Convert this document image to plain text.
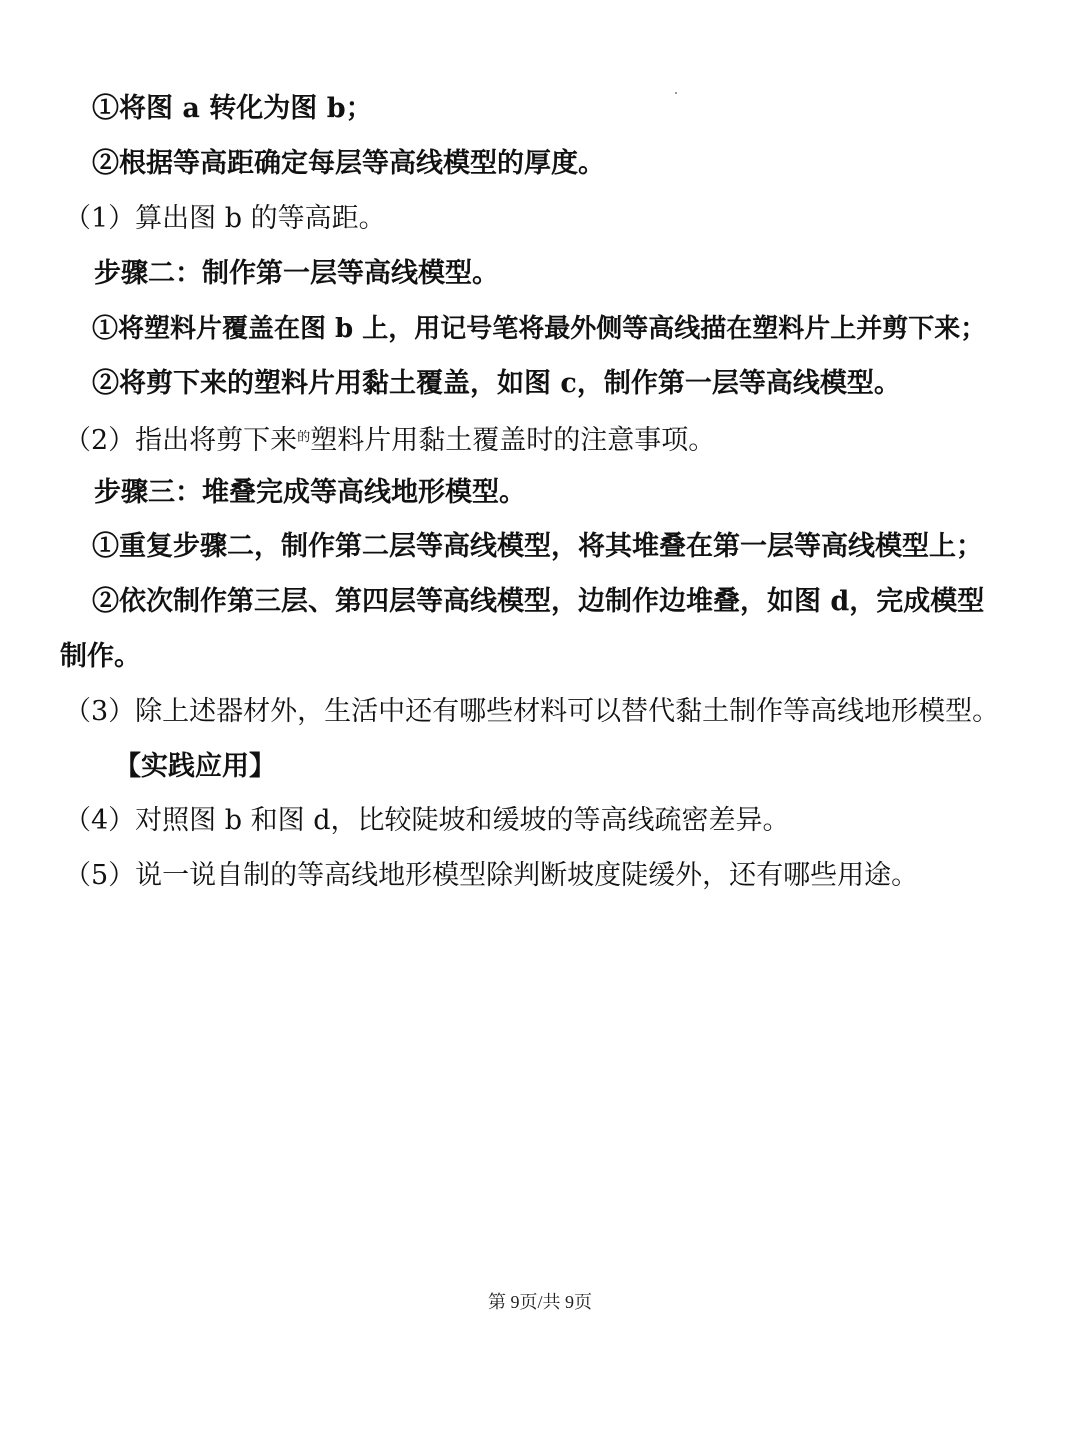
①将图 a 转化为图 b；
②根据等高距确定每层等高线模型的厚度。
（1）算出图 b 的等高距。
步骤二：制作第一层等高线模型。
①将塑料片覆盖在图 b 上，用记号笔将最外侧等高线描在塑料片上并剪下来；
②将剪下来的塑料片用黏土覆盖，如图 c，制作第一层等高线模型。
（2）指出将剪下来$^的$塑料片用黏土覆盖时的注意事项。
步骤三：堆叠完成等高线地形模型。
①重复步骤二，制作第二层等高线模型，将其堆叠在第一层等高线模型上；
②依次制作第三层、第四层等高线模型，边制作边堆叠，如图 d，完成模型
制作。
（3）除上述器材外，生活中还有哪些材料可以替代黏土制作等高线地形模型。
【实践应用】
（4）对照图 b 和图 d，比较陡坡和缓坡的等高线疏密差异。
（5）说一说自制的等高线地形模型除判断坡度陡缓外，还有哪些用途。
第 9页/共 9页
